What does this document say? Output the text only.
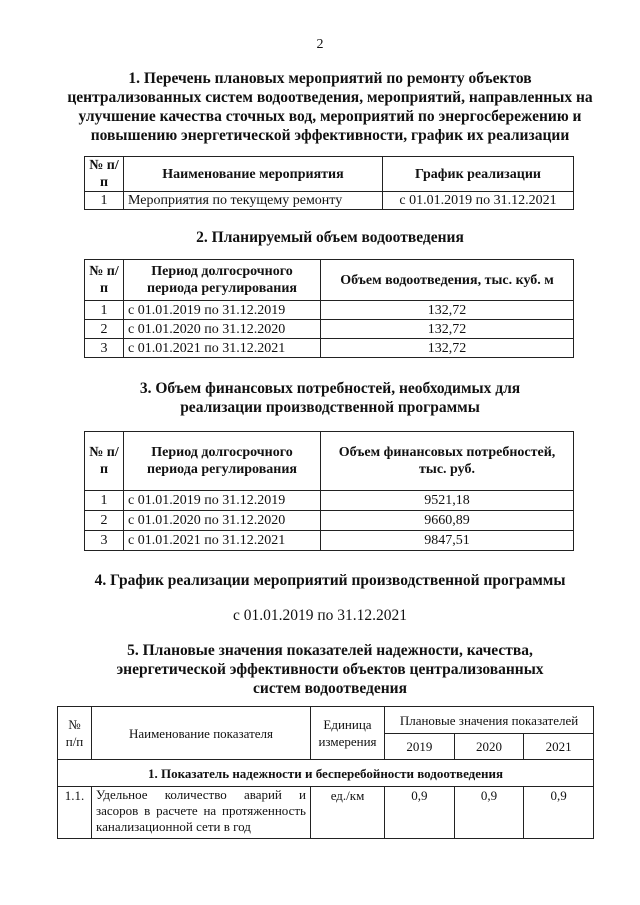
2
1. Перечень плановых мероприятий по ремонту объектов
централизованных систем водоотведения, мероприятий, направленных на
улучшение качества сточных вод, мероприятий по энергосбережению и
повышению энергетической эффективности, график их реализации
№ п/п	Наименование мероприятия	График реализации
1	Мероприятия по текущему ремонту	с 01.01.2019 по 31.12.2021
2. Планируемый объем водоотведения
№ п/п	Период долгосрочного периода регулирования	Объем водоотведения, тыс. куб. м
1	с 01.01.2019 по 31.12.2019	132,72
2	с 01.01.2020 по 31.12.2020	132,72
3	с 01.01.2021 по 31.12.2021	132,72
3. Объем финансовых потребностей, необходимых для
реализации производственной программы
№ п/п	Период долгосрочного периода регулирования	Объем финансовых потребностей, тыс. руб.
1	с 01.01.2019 по 31.12.2019	9521,18
2	с 01.01.2020 по 31.12.2020	9660,89
3	с 01.01.2021 по 31.12.2021	9847,51
4. График реализации мероприятий производственной программы
с 01.01.2019 по 31.12.2021
5. Плановые значения показателей надежности, качества,
энергетической эффективности объектов централизованных
систем водоотведения
№ п/п	Наименование показателя	Единица измерения	Плановые значения показателей		
			2019	2020	2021
1. Показатель надежности и бесперебойности водоотведения					
1.1.	Удельное количество аварий и засоров в расчете на протяженность канализационной сети в год	ед./км	0,9	0,9	0,9
